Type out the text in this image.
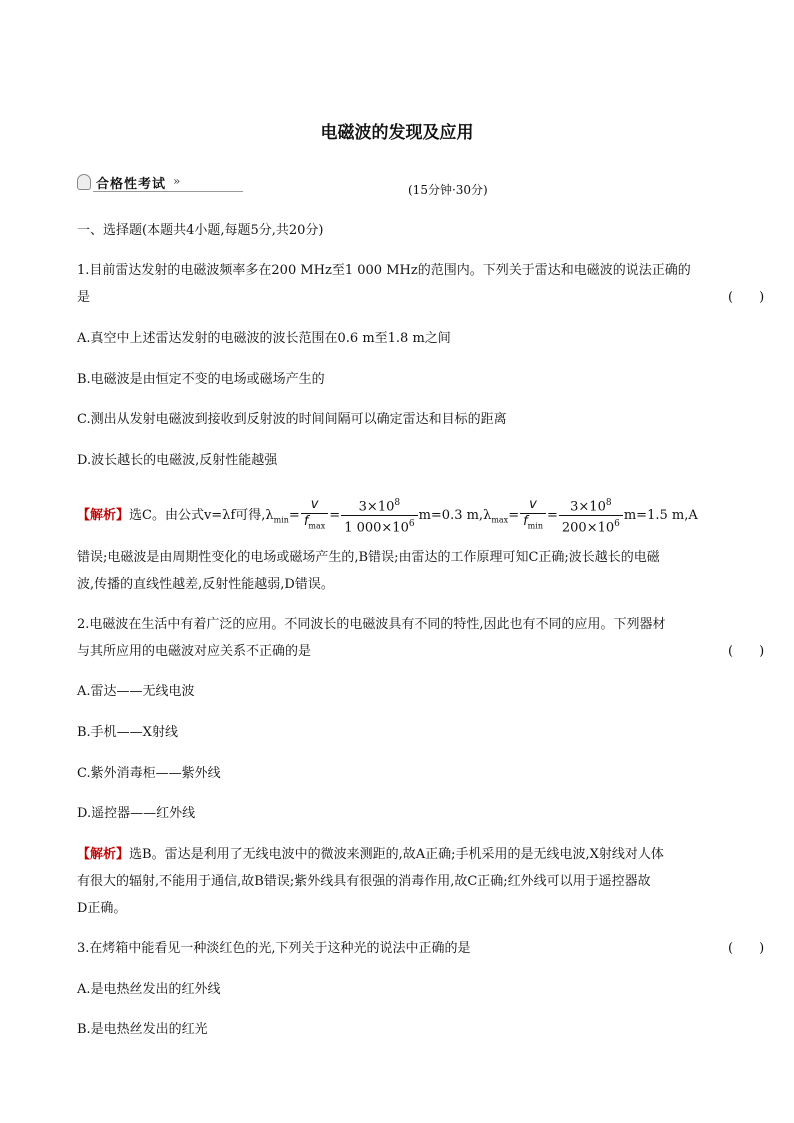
电磁波的发现及应用
合格性考试 »
(15分钟·30分)
一、选择题(本题共4小题,每题5分,共20分)
1.目前雷达发射的电磁波频率多在200 MHz至1 000 MHz的范围内。下列关于雷达和电磁波的说法正确的
是	(　　)
A.真空中上述雷达发射的电磁波的波长范围在0.6 m至1.8 m之间
B.电磁波是由恒定不变的电场或磁场产生的
C.测出从发射电磁波到接收到反射波的时间间隔可以确定雷达和目标的距离
D.波长越长的电磁波,反射性能越强
【解析】选C。由公式v=λf可得$,\lambda_{min}= \frac{v}{f_{max}} = \frac{3\times 10^8}{1 000\times 10^6} m=0.3$ $m,\lambda_{max}= \frac{v}{f_{min}} = \frac{3\times 10^8}{200\times 10^6} m=1.5$ m,A
错误;电磁波是由周期性变化的电场或磁场产生的,B错误;由雷达的工作原理可知C正确;波长越长的电磁
波,传播的直线性越差,反射性能越弱,D错误。
2.电磁波在生活中有着广泛的应用。不同波长的电磁波具有不同的特性,因此也有不同的应用。下列器材
与其所应用的电磁波对应关系不正确的是	(　　)
A.雷达——无线电波
B.手机——X射线
C.紫外消毒柜——紫外线
D.遥控器——红外线
【解析】选B。雷达是利用了无线电波中的微波来测距的,故A正确;手机采用的是无线电波,X射线对人体
有很大的辐射,不能用于通信,故B错误;紫外线具有很强的消毒作用,故C正确;红外线可以用于遥控器故
D正确。
3.在烤箱中能看见一种淡红色的光,下列关于这种光的说法中正确的是	(　　)
A.是电热丝发出的红外线
B.是电热丝发出的红光
